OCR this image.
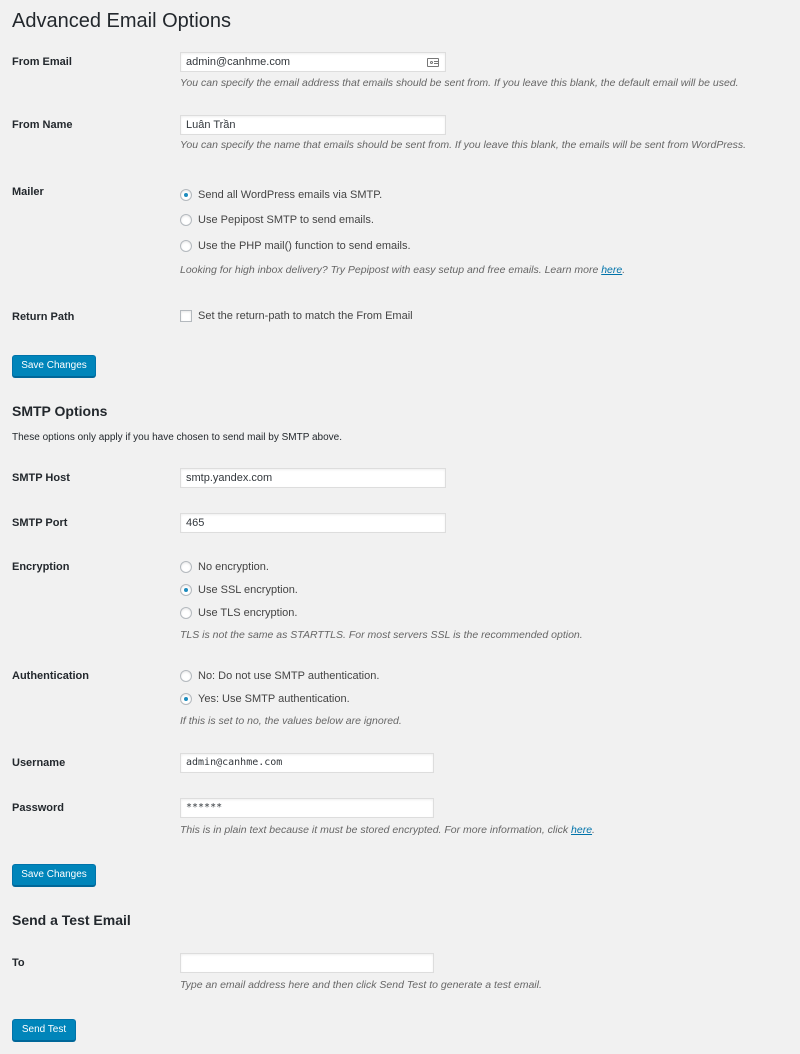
Advanced Email Options
From Email	admin@canhme.com
You can specify the email address that emails should be sent from. If you leave this blank, the default email will be used.
From Name	Luân Trần
You can specify the name that emails should be sent from. If you leave this blank, the emails will be sent from WordPress.
Mailer	Send all WordPress emails via SMTP.
Use Pepipost SMTP to send emails.
Use the PHP mail() function to send emails.
Looking for high inbox delivery? Try Pepipost with easy setup and free emails. Learn more here.
Return Path	Set the return-path to match the From Email
Save Changes
SMTP Options
These options only apply if you have chosen to send mail by SMTP above.
SMTP Host	smtp.yandex.com
SMTP Port	465
Encryption	No encryption.
Use SSL encryption.
Use TLS encryption.
TLS is not the same as STARTTLS. For most servers SSL is the recommended option.
Authentication	No: Do not use SMTP authentication.
Yes: Use SMTP authentication.
If this is set to no, the values below are ignored.
Username	admin@canhme.com
Password	******
This is in plain text because it must be stored encrypted. For more information, click here.
Save Changes
Send a Test Email
To
Type an email address here and then click Send Test to generate a test email.
Send Test
